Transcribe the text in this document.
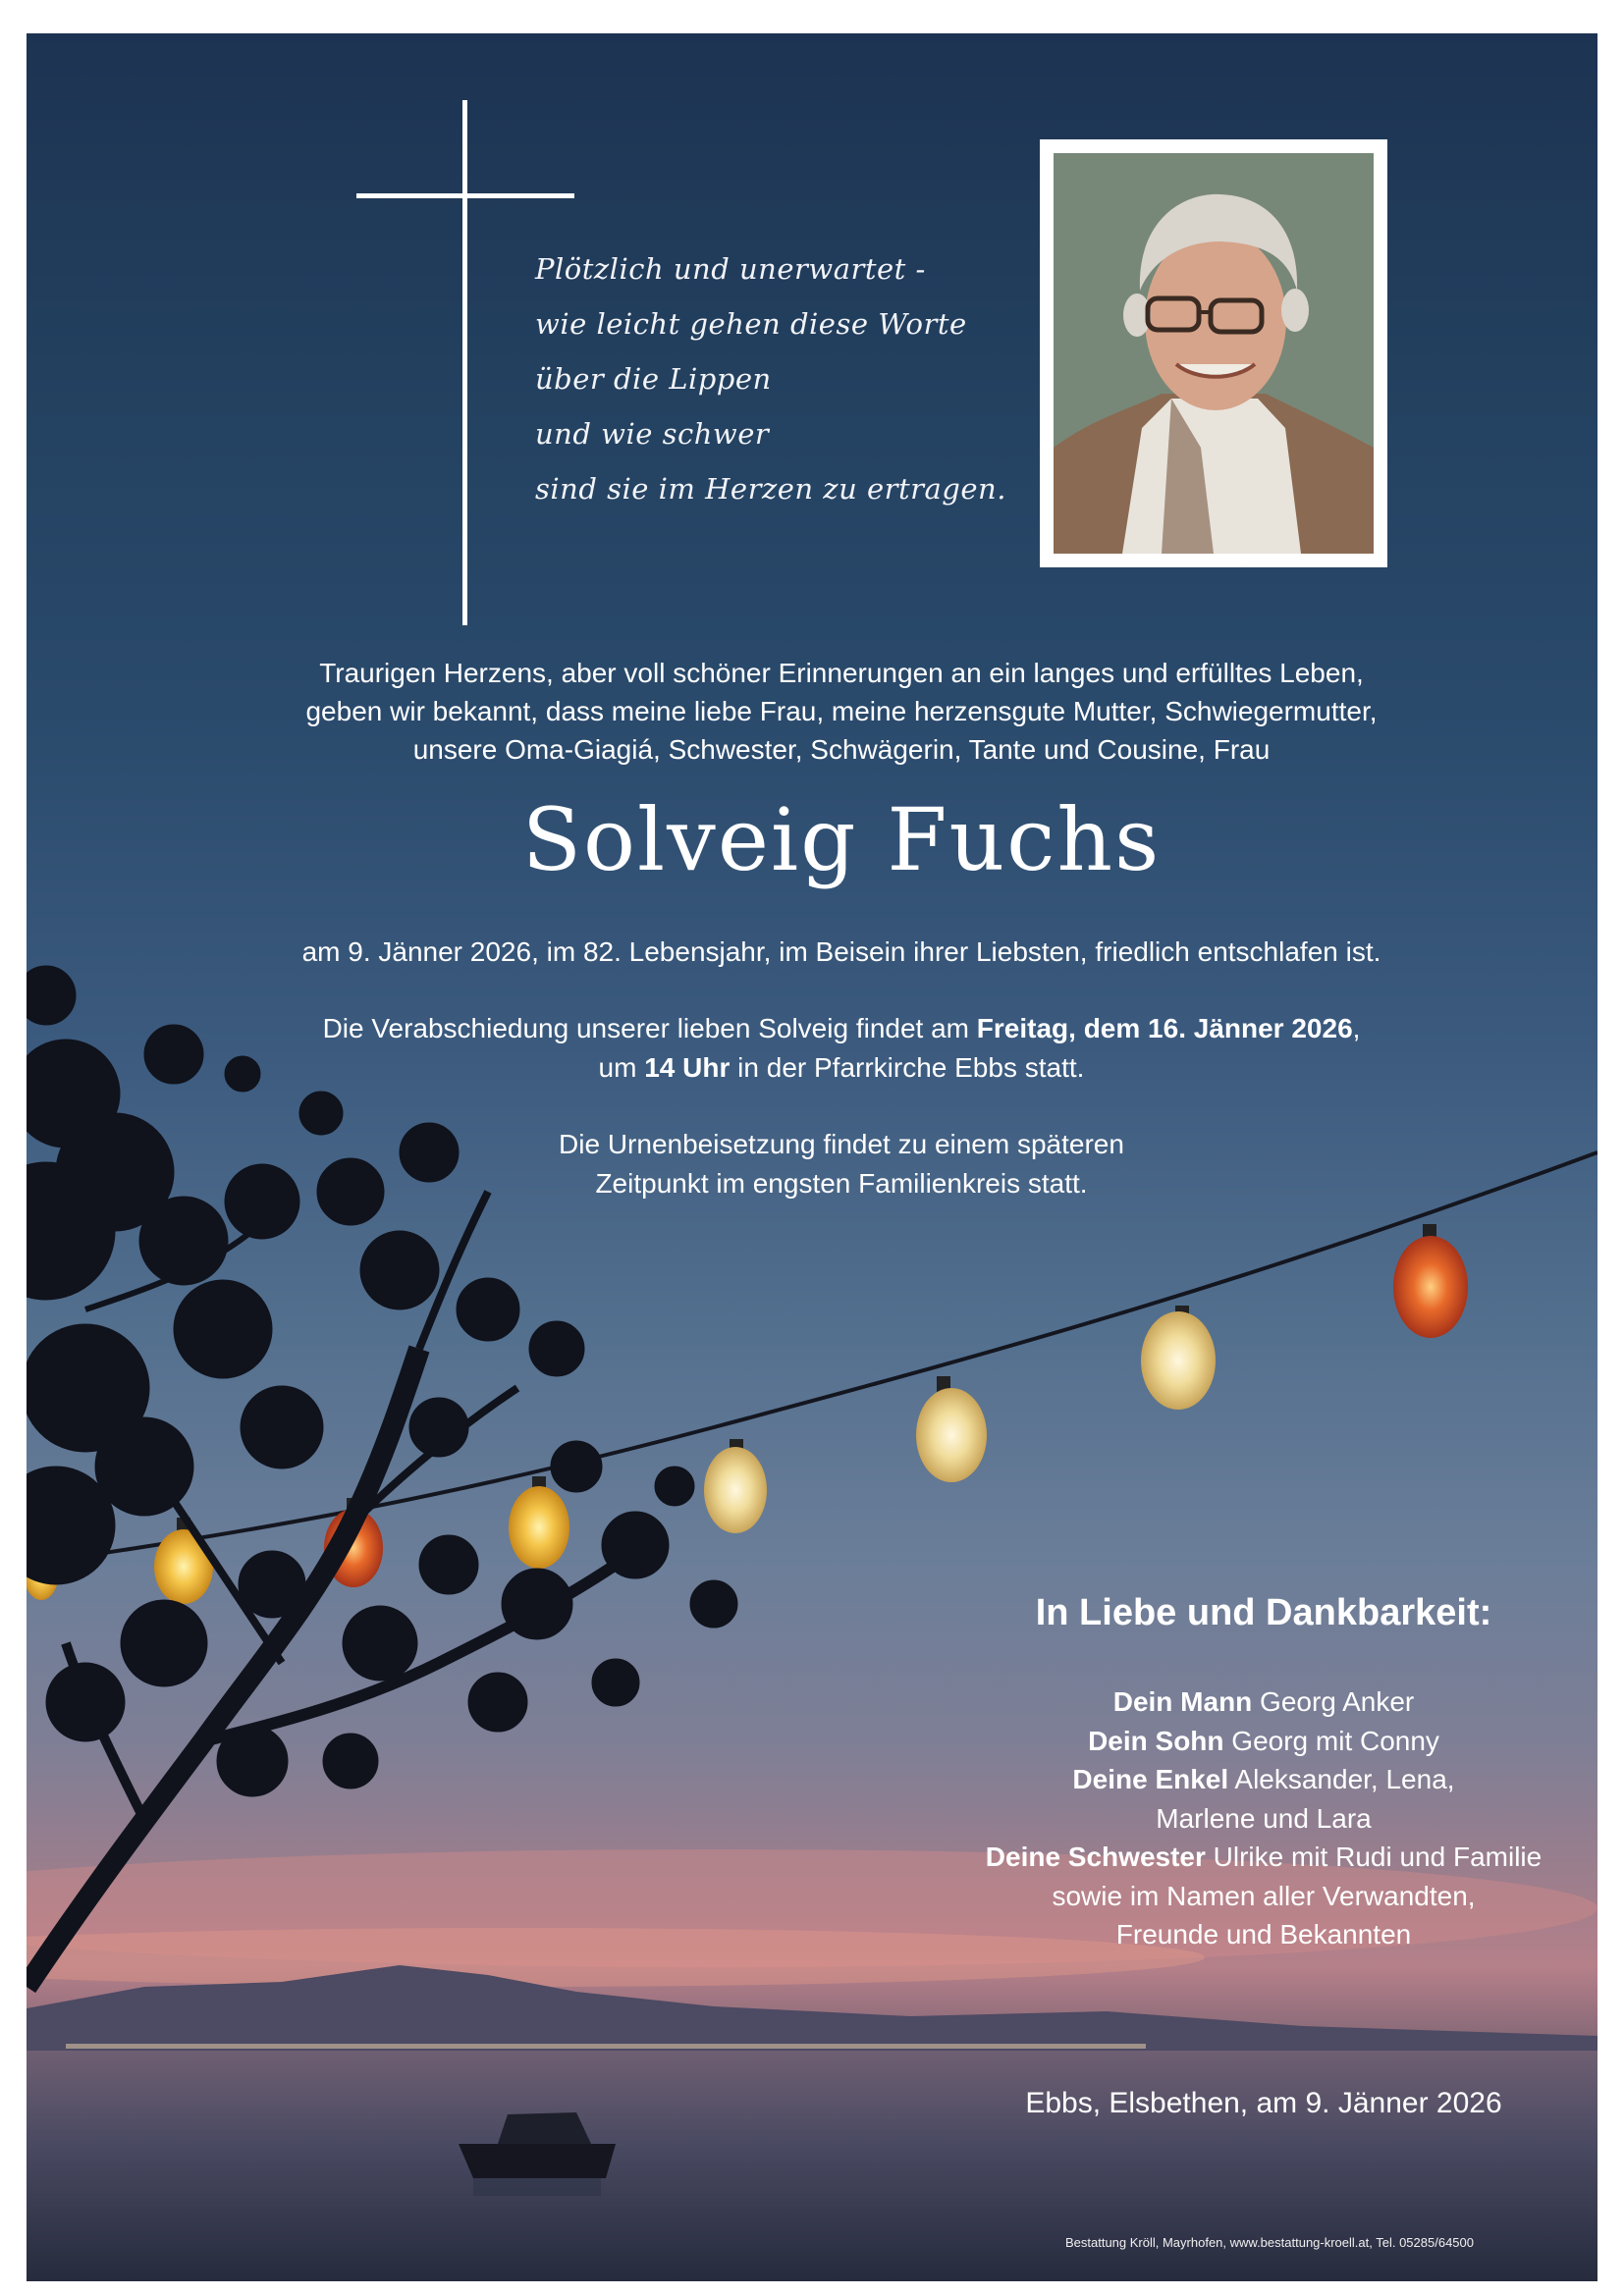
Plötzlich und unerwartet -
wie leicht gehen diese Worte
über die Lippen
und wie schwer
sind sie im Herzen zu ertragen.
Traurigen Herzens, aber voll schöner Erinnerungen an ein langes und erfülltes Leben,
geben wir bekannt, dass meine liebe Frau, meine herzensgute Mutter, Schwiegermutter,
unsere Oma-Giagiá, Schwester, Schwägerin, Tante und Cousine, Frau
Solveig Fuchs
am 9. Jänner 2026, im 82. Lebensjahr, im Beisein ihrer Liebsten, friedlich entschlafen ist.
Die Verabschiedung unserer lieben Solveig findet am Freitag, dem 16. Jänner 2026,
um 14 Uhr in der Pfarrkirche Ebbs statt.
Die Urnenbeisetzung findet zu einem späteren
Zeitpunkt im engsten Familienkreis statt.
In Liebe und Dankbarkeit:
Dein Mann Georg Anker
Dein Sohn Georg mit Conny
Deine Enkel Aleksander, Lena,
Marlene und Lara
Deine Schwester Ulrike mit Rudi und Familie
sowie im Namen aller Verwandten,
Freunde und Bekannten
Ebbs, Elsbethen, am 9. Jänner 2026
Bestattung Kröll, Mayrhofen, www.bestattung-kroell.at, Tel. 05285/64500
